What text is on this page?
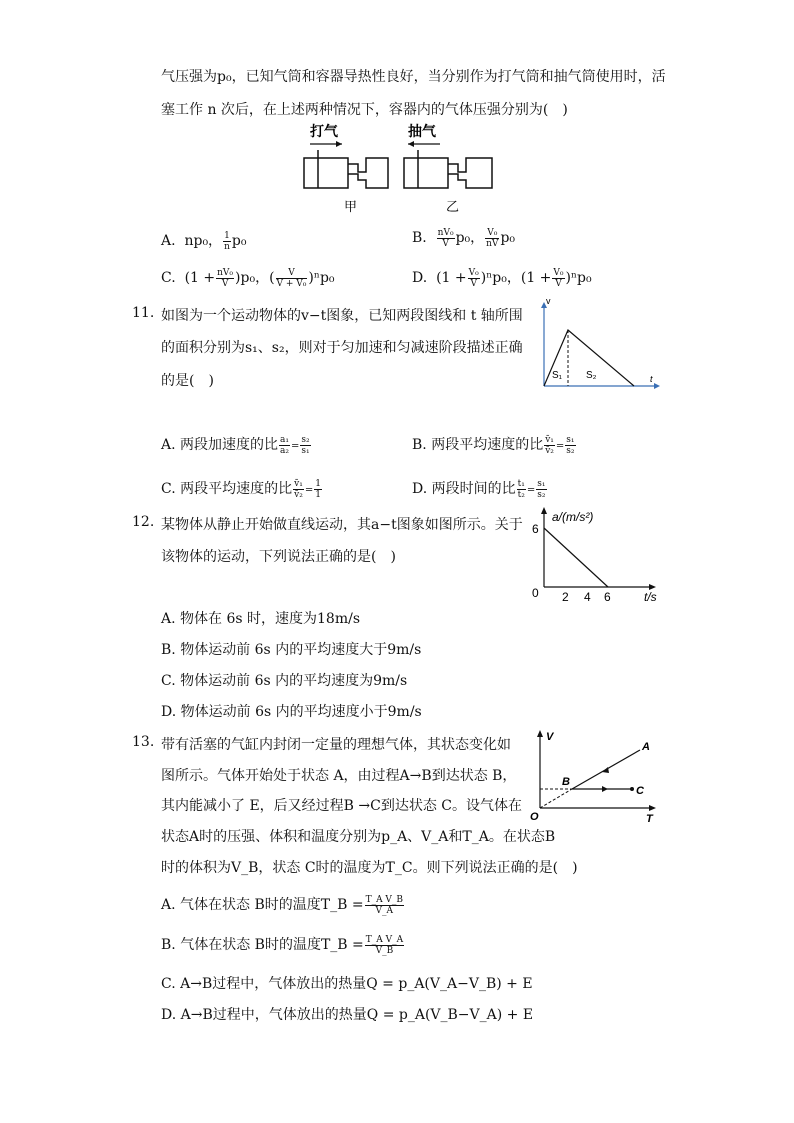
气压强为p₀，已知气筒和容器导热性良好，当分别作为打气筒和抽气筒使用时，活
塞工作 n 次后，在上述两种情况下，容器内的气体压强分别为(　)
打气	抽气
甲	乙
A. np₀， $\frac{1}{n} p_0$	B. $\frac{\text{nV₀}}{V} p_0$， $\frac{\text{V₀}}{nV} p_0$
C. $(1 + \frac{\text{nV₀}}{V} )p_0$，( $\frac{V}{\text{V + V₀}} )^np_0$	D. $(1 + \frac{\text{V₀}}{V} )^np_0$，$(1 + \frac{\text{V₀}}{V} )^np_0$
11. 如图为一个运动物体的v−t图象，已知两段图线和 t 轴所围
的面积分别为s₁、s₂，则对于匀加速和匀减速阶段描述正确
的是(　)
v
t
S₁ S₂
A. 两段加速度的比 $\frac{\text{a₁}}{\text{a₂}} = \frac{\text{s₂}}{\text{s₁}}$	B. 两段平均速度的比 $\frac{\text{v̄₁}}{\text{v̄₂}} = \frac{\text{s₁}}{\text{s₂}}$
C. 两段平均速度的比 $\frac{\text{v̄₁}}{\text{v̄₂}} = \frac{1}{1}$	D. 两段时间的比 $\frac{\text{t₁}}{\text{t₂}} = \frac{\text{s₁}}{\text{s₂}}$
12. 某物体从静止开始做直线运动，其a−t图象如图所示。关于
该物体的运动，下列说法正确的是(　)
a/(m/s²)
6
0 2 4 6	t/s
A. 物体在 6s 时，速度为18m/s
B. 物体运动前 6s 内的平均速度大于9m/s
C. 物体运动前 6s 内的平均速度为9m/s
D. 物体运动前 6s 内的平均速度小于9m/s
13. 带有活塞的气缸内封闭一定量的理想气体，其状态变化如
图所示。气体开始处于状态 A，由过程A→B到达状态 B，
其内能减小了 E，后又经过程B →C到达状态 C。设气体在
状态A时的压强、体积和温度分别为p_A、V_A和T_A。在状态B
时的体积为V_B，状态 C时的温度为T_C。则下列说法正确的是(　)
V
O	T
A
B
C
A. 气体在状态 B时的温度T_B = $\frac{\text{T\_A V\_B}}{V\_A}$
B. 气体在状态 B时的温度T_B = $\frac{\text{T\_A V\_A}}{V\_B}$
C. A→B过程中，气体放出的热量Q = p_A(V_A−V_B) + E
D. A→B过程中，气体放出的热量Q = p_A(V_B−V_A) + E
